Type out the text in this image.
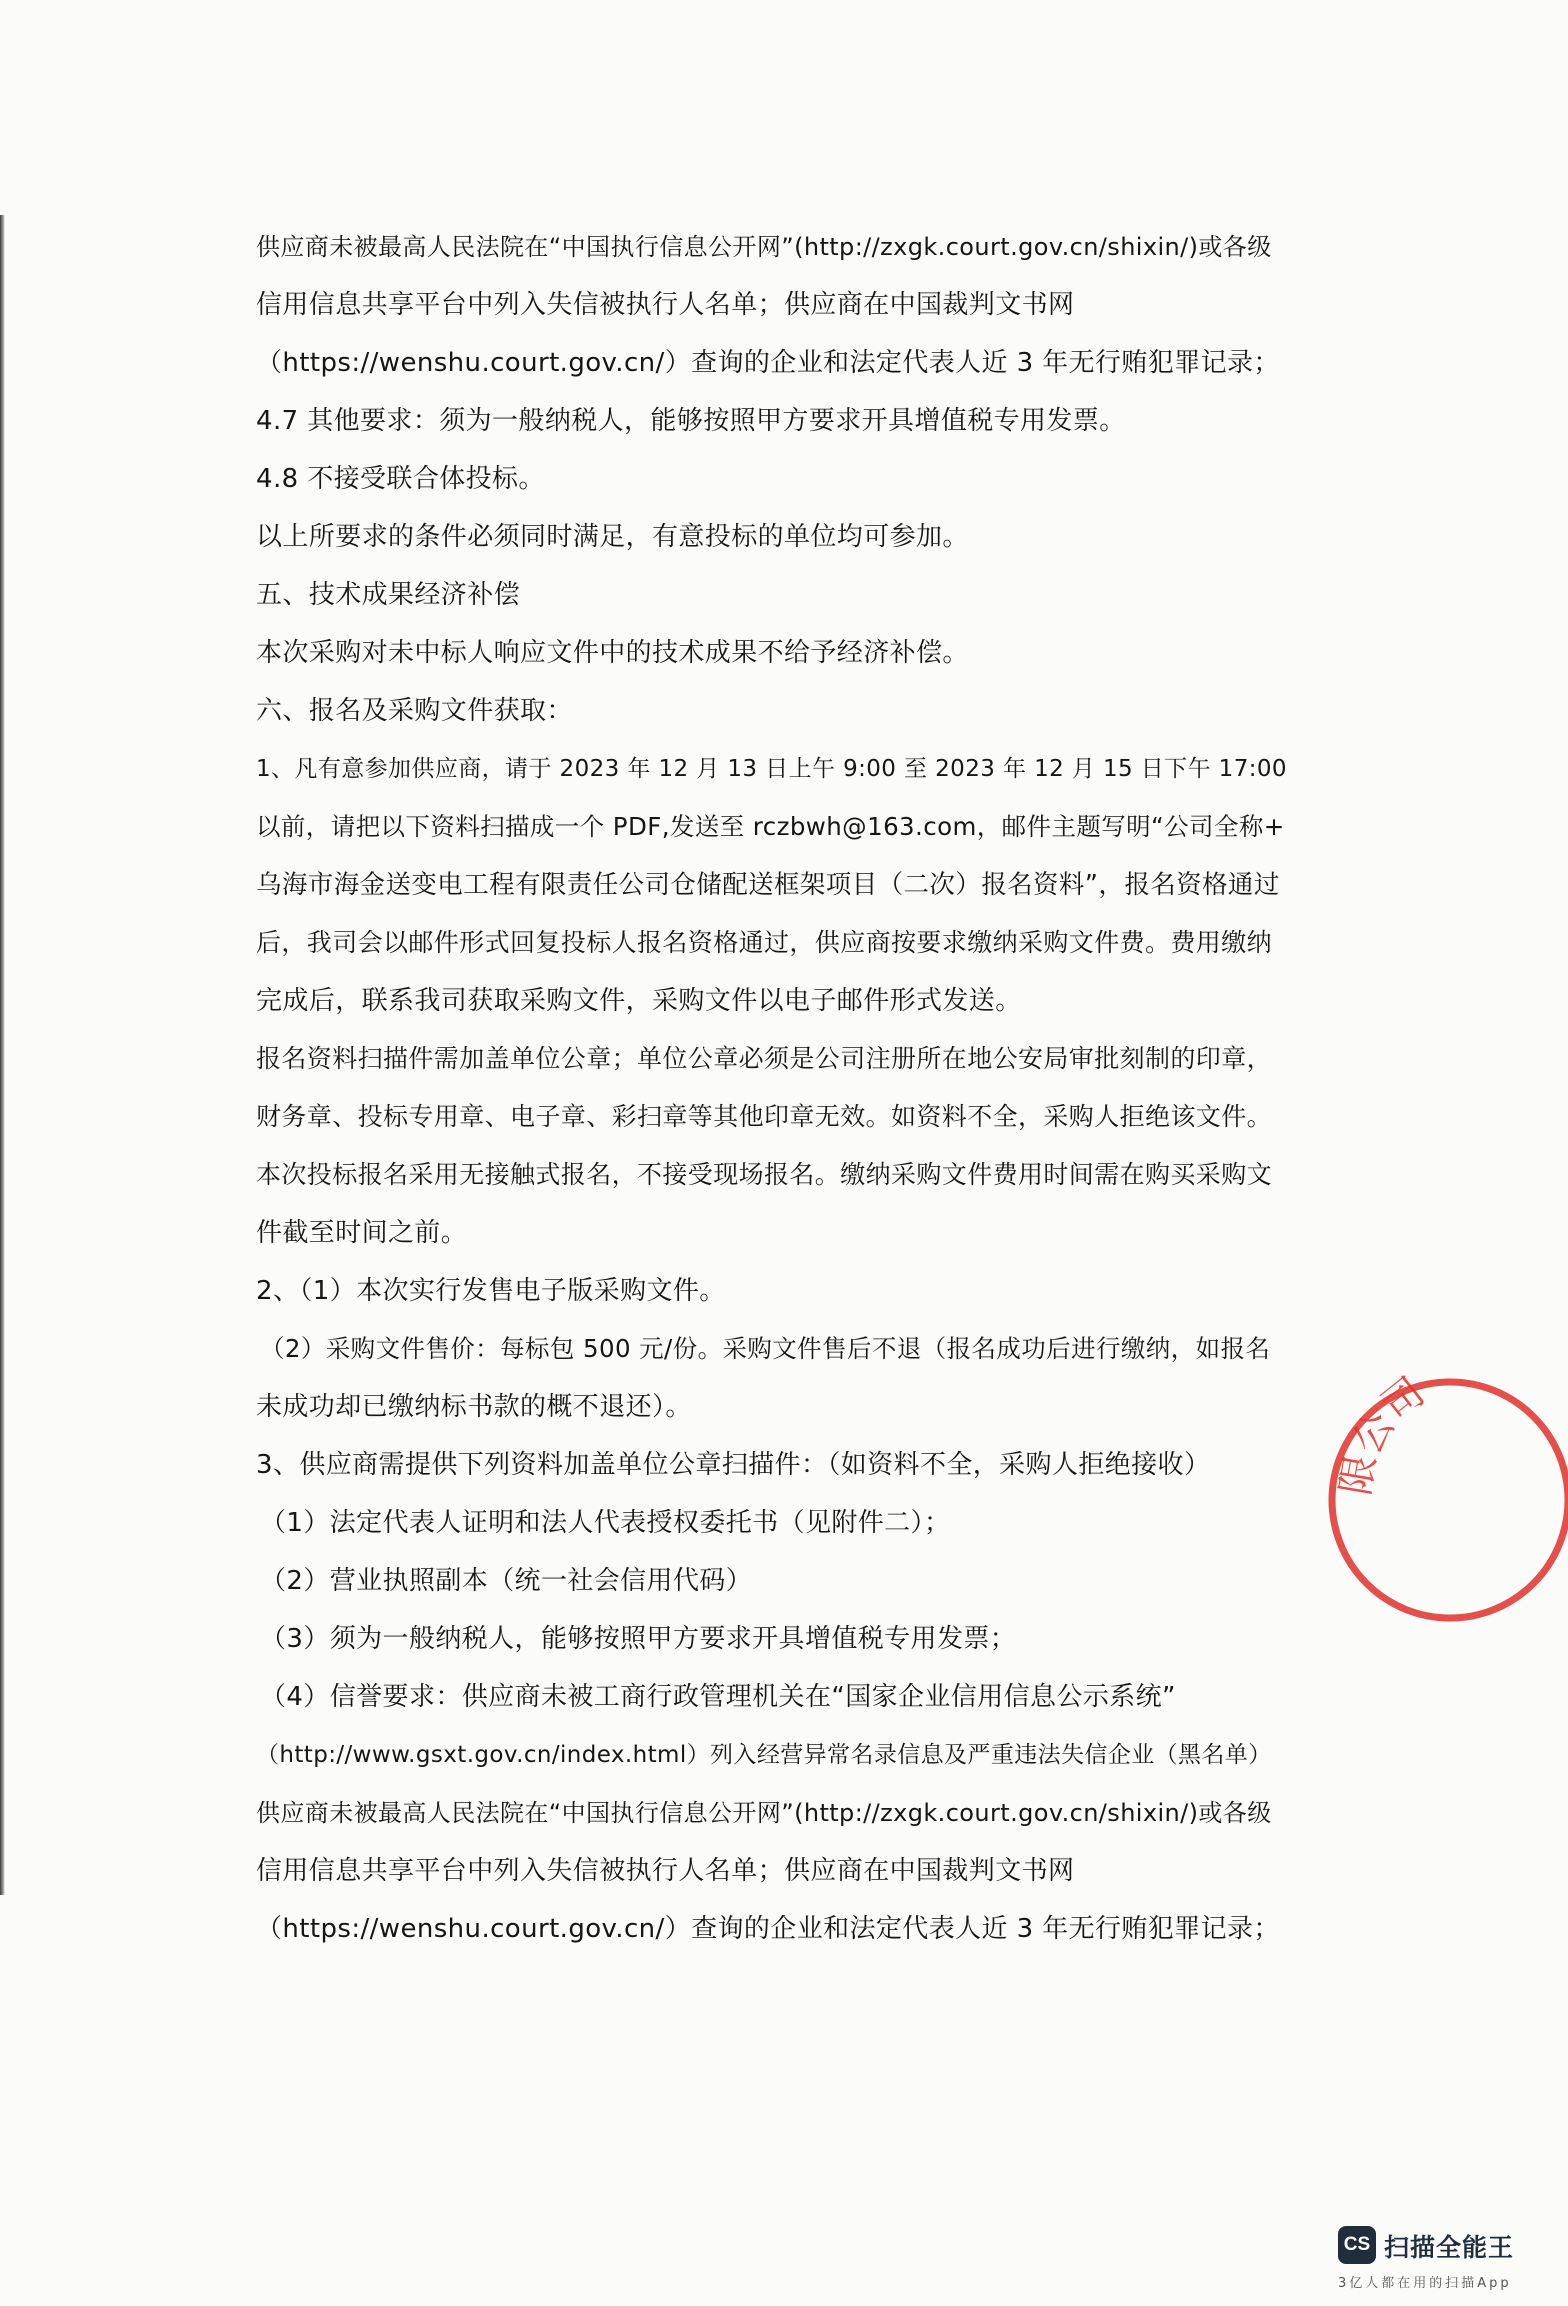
供应商未被最高人民法院在“中国执行信息公开网”(http://zxgk.court.gov.cn/shixin/)或各级
信用信息共享平台中列入失信被执行人名单；供应商在中国裁判文书网
（https://wenshu.court.gov.cn/）查询的企业和法定代表人近 3 年无行贿犯罪记录；
4.7 其他要求：须为一般纳税人，能够按照甲方要求开具增值税专用发票。
4.8 不接受联合体投标。
以上所要求的条件必须同时满足，有意投标的单位均可参加。
五、技术成果经济补偿
本次采购对未中标人响应文件中的技术成果不给予经济补偿。
六、报名及采购文件获取：
1、凡有意参加供应商，请于 2023 年 12 月 13 日上午 9:00 至 2023 年 12 月 15 日下午 17:00
以前，请把以下资料扫描成一个 PDF,发送至 rczbwh@163.com，邮件主题写明“公司全称+
乌海市海金送变电工程有限责任公司仓储配送框架项目（二次）报名资料”，报名资格通过
后，我司会以邮件形式回复投标人报名资格通过，供应商按要求缴纳采购文件费。费用缴纳
完成后，联系我司获取采购文件，采购文件以电子邮件形式发送。
报名资料扫描件需加盖单位公章；单位公章必须是公司注册所在地公安局审批刻制的印章，
财务章、投标专用章、电子章、彩扫章等其他印章无效。如资料不全，采购人拒绝该文件。
本次投标报名采用无接触式报名，不接受现场报名。缴纳采购文件费用时间需在购买采购文
件截至时间之前。
2、（1）本次实行发售电子版采购文件。
（2）采购文件售价：每标包 500 元/份。采购文件售后不退（报名成功后进行缴纳，如报名
未成功却已缴纳标书款的概不退还）。
3、供应商需提供下列资料加盖单位公章扫描件：（如资料不全，采购人拒绝接收）
（1）法定代表人证明和法人代表授权委托书（见附件二）；
（2）营业执照副本（统一社会信用代码）
（3）须为一般纳税人，能够按照甲方要求开具增值税专用发票；
（4）信誉要求：供应商未被工商行政管理机关在“国家企业信用信息公示系统”
（http://www.gsxt.gov.cn/index.html）列入经营异常名录信息及严重违法失信企业（黑名单）
供应商未被最高人民法院在“中国执行信息公开网”(http://zxgk.court.gov.cn/shixin/)或各级
信用信息共享平台中列入失信被执行人名单；供应商在中国裁判文书网
（https://wenshu.court.gov.cn/）查询的企业和法定代表人近 3 年无行贿犯罪记录；
限公司
CS 扫描全能王
3亿人都在用的扫描App
